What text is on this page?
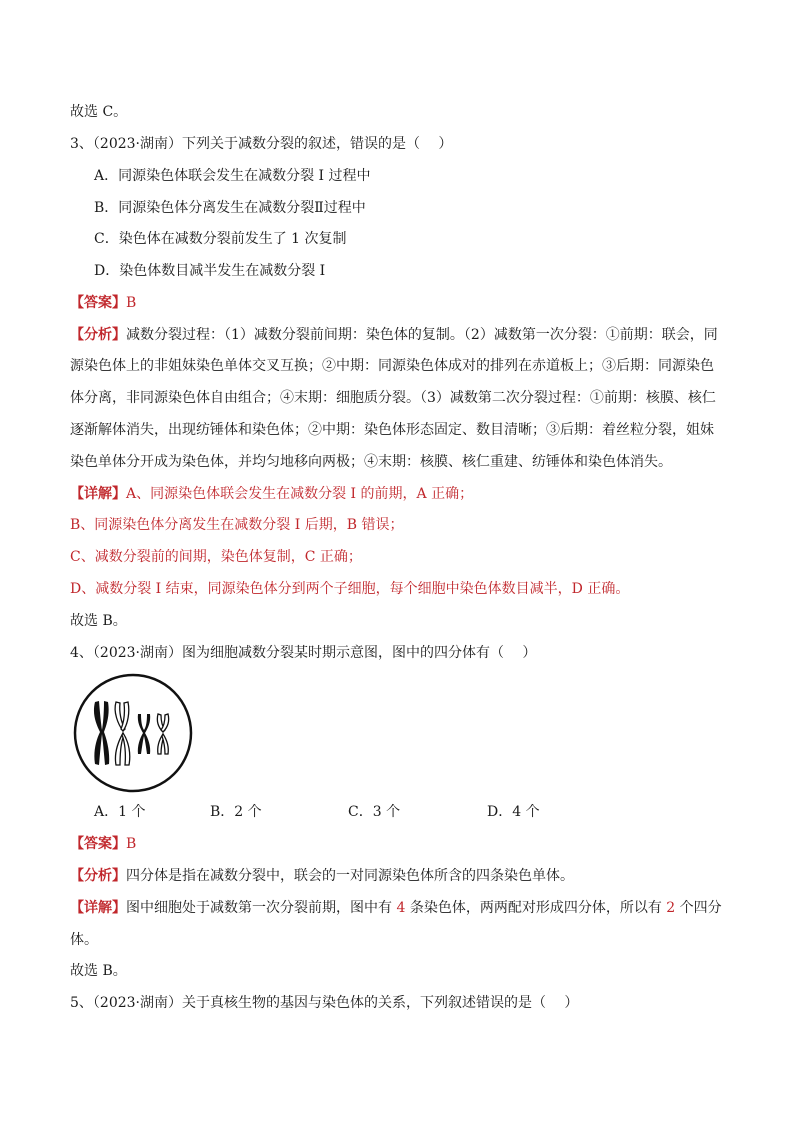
故选 C。
3、（2023·湖南）下列关于减数分裂的叙述，错误的是（　 ）
A．同源染色体联会发生在减数分裂 I 过程中
B．同源染色体分离发生在减数分裂Ⅱ过程中
C．染色体在减数分裂前发生了 1 次复制
D．染色体数目减半发生在减数分裂 I
【答案】B
【分析】减数分裂过程：（1）减数分裂前间期：染色体的复制。（2）减数第一次分裂：①前期：联会，同
源染色体上的非姐妹染色单体交叉互换；②中期：同源染色体成对的排列在赤道板上；③后期：同源染色
体分离，非同源染色体自由组合；④末期：细胞质分裂。（3）减数第二次分裂过程：①前期：核膜、核仁
逐渐解体消失，出现纺锤体和染色体；②中期：染色体形态固定、数目清晰；③后期：着丝粒分裂，姐妹
染色单体分开成为染色体，并均匀地移向两极；④末期：核膜、核仁重建、纺锤体和染色体消失。
【详解】A、同源染色体联会发生在减数分裂 I 的前期，A 正确；
B、同源染色体分离发生在减数分裂 I 后期，B 错误；
C、减数分裂前的间期，染色体复制，C 正确；
D、减数分裂 I 结束，同源染色体分到两个子细胞，每个细胞中染色体数目减半，D 正确。
故选 B。
4、（2023·湖南）图为细胞减数分裂某时期示意图，图中的四分体有（　 ）
A．1 个	B．2 个	C．3 个	D．4 个
【答案】B
【分析】四分体是指在减数分裂中，联会的一对同源染色体所含的四条染色单体。
【详解】图中细胞处于减数第一次分裂前期，图中有 4 条染色体，两两配对形成四分体，所以有 2 个四分
体。
故选 B。
5、（2023·湖南）关于真核生物的基因与染色体的关系，下列叙述错误的是（　 ）
